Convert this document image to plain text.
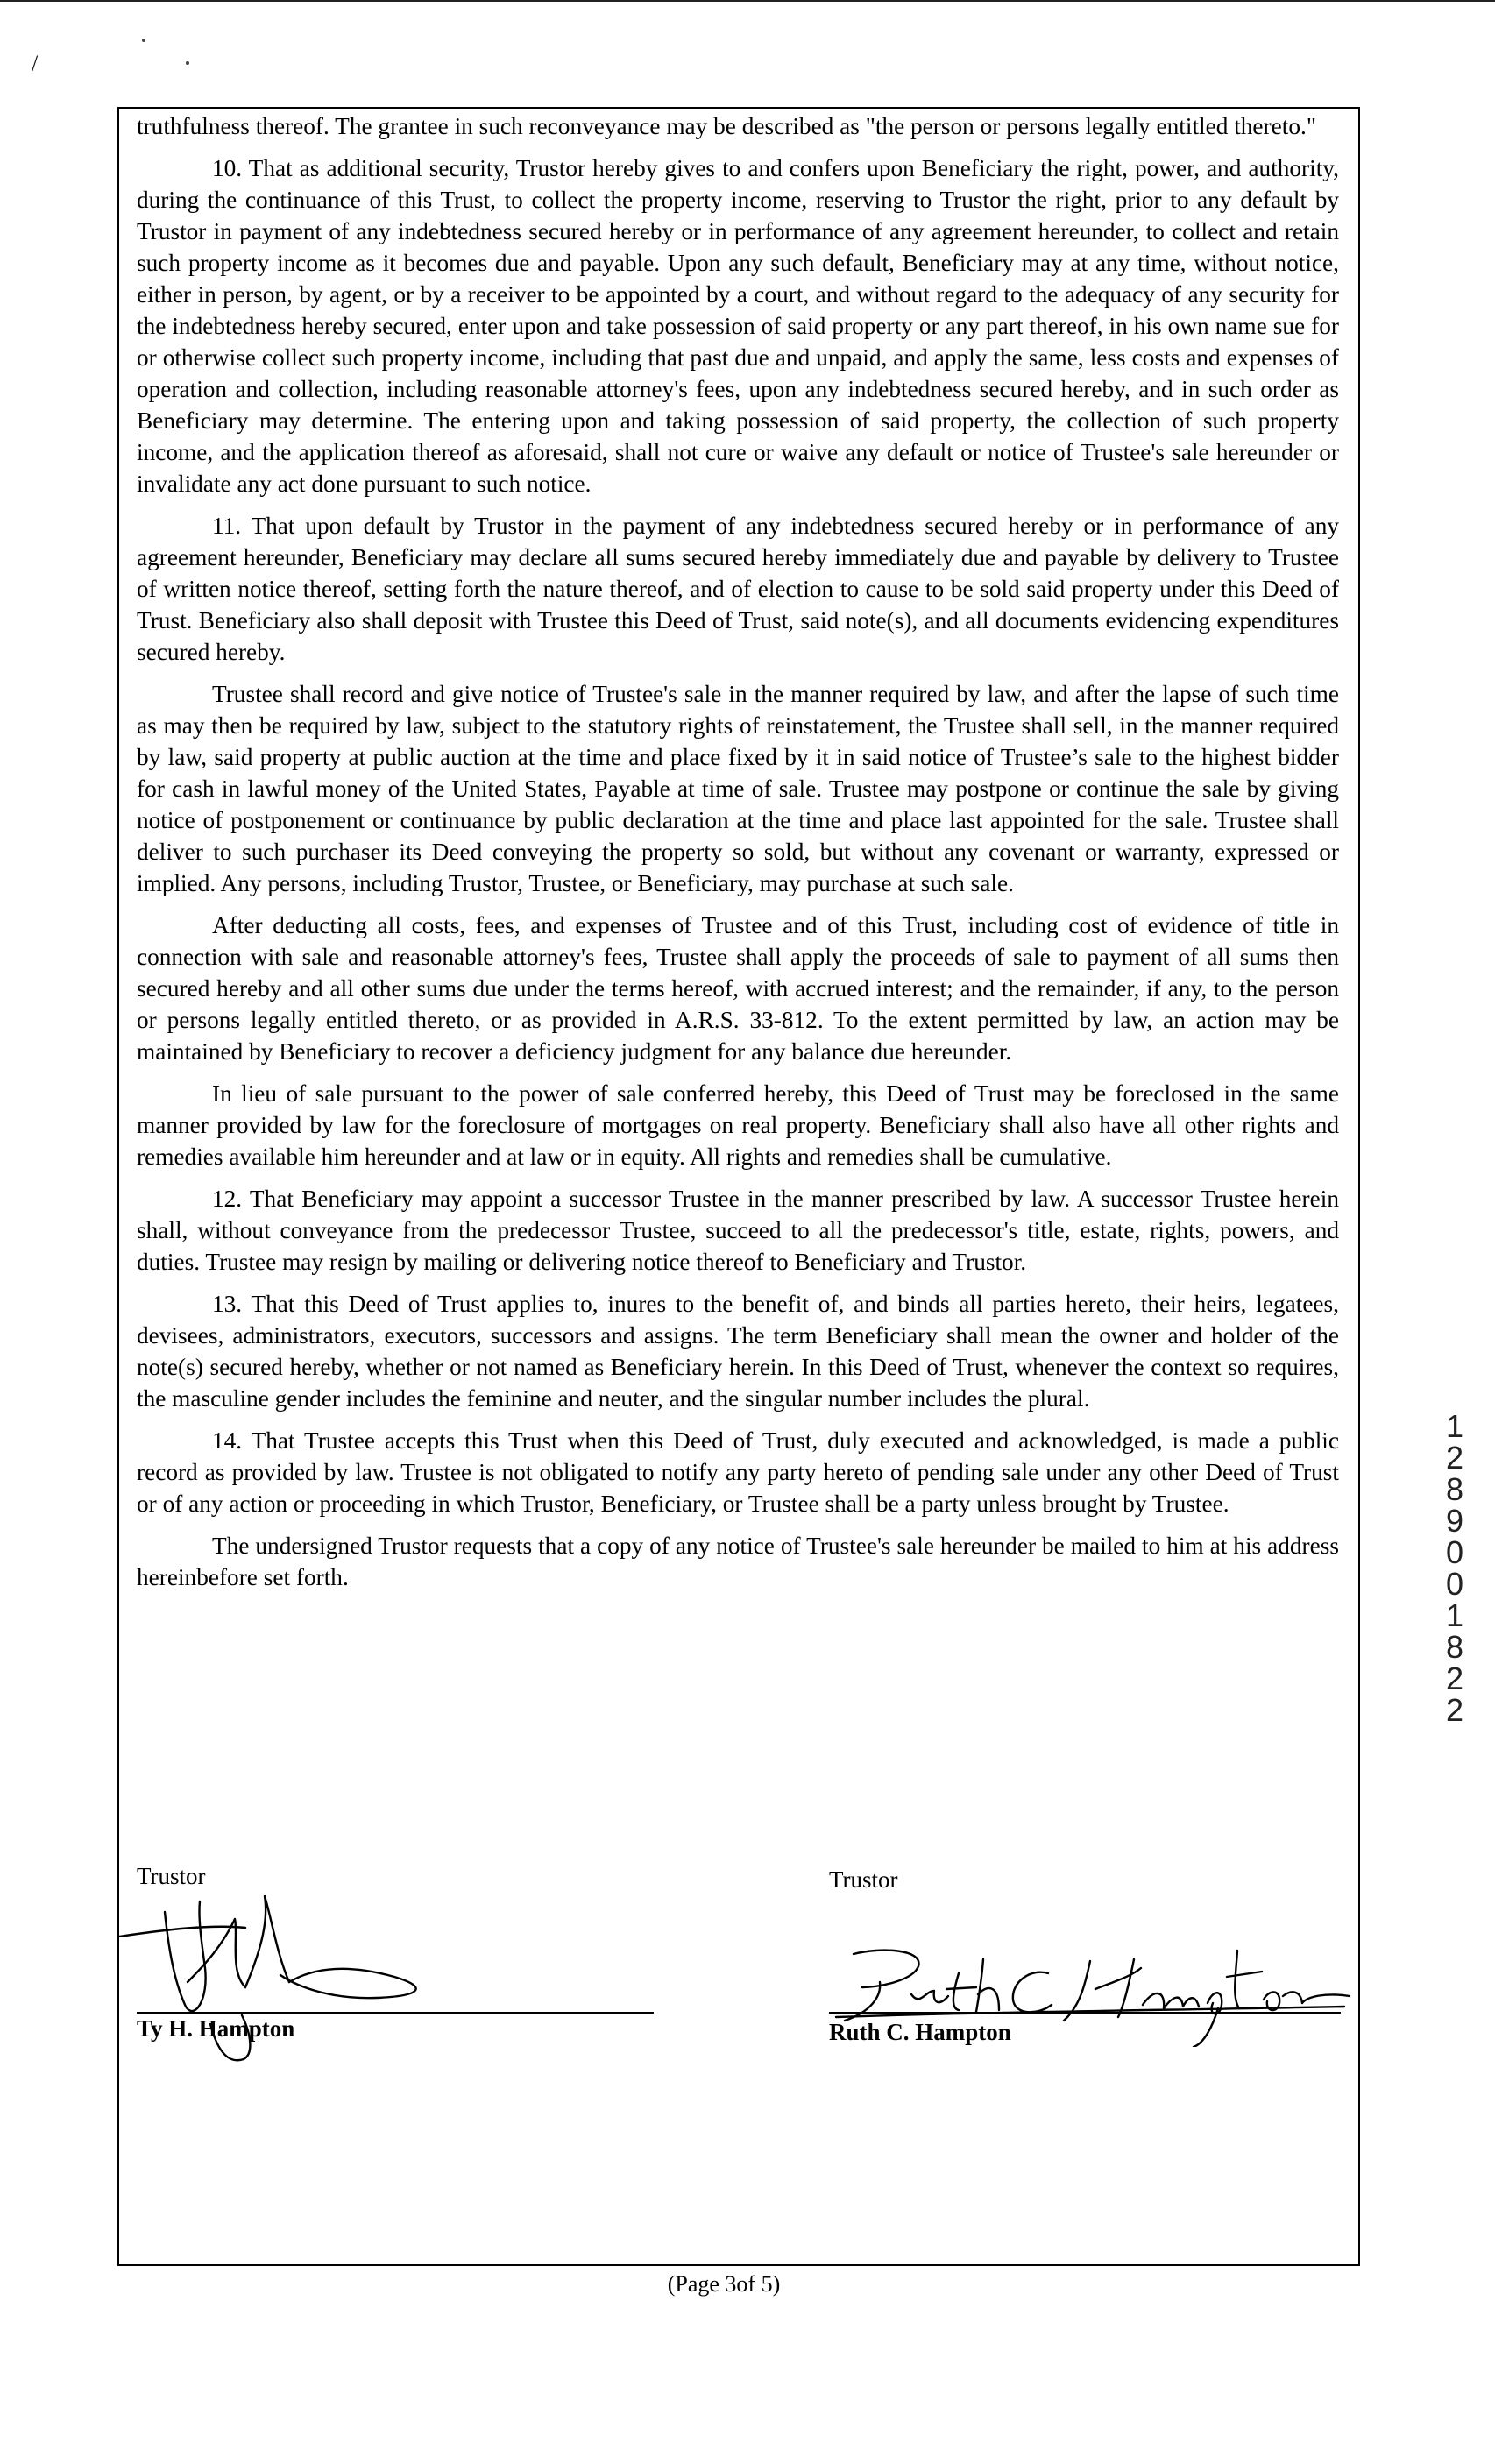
/

truthfulness thereof. The grantee in such reconveyance may be described as "the person or persons legally entitled thereto."

10. That as additional security, Trustor hereby gives to and confers upon Beneficiary the right, power, and authority, during the continuance of this Trust, to collect the property income, reserving to Trustor the right, prior to any default by Trustor in payment of any indebtedness secured hereby or in performance of any agreement hereunder, to collect and retain such property income as it becomes due and payable. Upon any such default, Beneficiary may at any time, without notice, either in person, by agent, or by a receiver to be appointed by a court, and without regard to the adequacy of any security for the indebtedness hereby secured, enter upon and take possession of said property or any part thereof, in his own name sue for or otherwise collect such property income, including that past due and unpaid, and apply the same, less costs and expenses of operation and collection, including reasonable attorney's fees, upon any indebtedness secured hereby, and in such order as Beneficiary may determine. The entering upon and taking possession of said property, the collection of such property income, and the application thereof as aforesaid, shall not cure or waive any default or notice of Trustee's sale hereunder or invalidate any act done pursuant to such notice.

11. That upon default by Trustor in the payment of any indebtedness secured hereby or in performance of any agreement hereunder, Beneficiary may declare all sums secured hereby immediately due and payable by delivery to Trustee of written notice thereof, setting forth the nature thereof, and of election to cause to be sold said property under this Deed of Trust. Beneficiary also shall deposit with Trustee this Deed of Trust, said note(s), and all documents evidencing expenditures secured hereby.

Trustee shall record and give notice of Trustee's sale in the manner required by law, and after the lapse of such time as may then be required by law, subject to the statutory rights of reinstatement, the Trustee shall sell, in the manner required by law, said property at public auction at the time and place fixed by it in said notice of Trustee’s sale to the highest bidder for cash in lawful money of the United States, Payable at time of sale. Trustee may postpone or continue the sale by giving notice of postponement or continuance by public declaration at the time and place last appointed for the sale. Trustee shall deliver to such purchaser its Deed conveying the property so sold, but without any covenant or warranty, expressed or implied. Any persons, including Trustor, Trustee, or Beneficiary, may purchase at such sale.

After deducting all costs, fees, and expenses of Trustee and of this Trust, including cost of evidence of title in connection with sale and reasonable attorney's fees, Trustee shall apply the proceeds of sale to payment of all sums then secured hereby and all other sums due under the terms hereof, with accrued interest; and the remainder, if any, to the person or persons legally entitled thereto, or as provided in A.R.S. 33-812. To the extent permitted by law, an action may be maintained by Beneficiary to recover a deficiency judgment for any balance due hereunder.

In lieu of sale pursuant to the power of sale conferred hereby, this Deed of Trust may be foreclosed in the same manner provided by law for the foreclosure of mortgages on real property. Beneficiary shall also have all other rights and remedies available him hereunder and at law or in equity. All rights and remedies shall be cumulative.

12. That Beneficiary may appoint a successor Trustee in the manner prescribed by law. A successor Trustee herein shall, without conveyance from the predecessor Trustee, succeed to all the predecessor's title, estate, rights, powers, and duties. Trustee may resign by mailing or delivering notice thereof to Beneficiary and Trustor.

13. That this Deed of Trust applies to, inures to the benefit of, and binds all parties hereto, their heirs, legatees, devisees, administrators, executors, successors and assigns. The term Beneficiary shall mean the owner and holder of the note(s) secured hereby, whether or not named as Beneficiary herein. In this Deed of Trust, whenever the context so requires, the masculine gender includes the feminine and neuter, and the singular number includes the plural.

14. That Trustee accepts this Trust when this Deed of Trust, duly executed and acknowledged, is made a public record as provided by law. Trustee is not obligated to notify any party hereto of pending sale under any other Deed of Trust or of any action or proceeding in which Trustor, Beneficiary, or Trustee shall be a party unless brought by Trustee.

The undersigned Trustor requests that a copy of any notice of Trustee's sale hereunder be mailed to him at his address hereinbefore set forth.

Trustor
Ty H. Hampton
Trustor
Ruth C. Hampton
1
2
8
9
0
0
1
8
2
2
(Page 3of 5)
